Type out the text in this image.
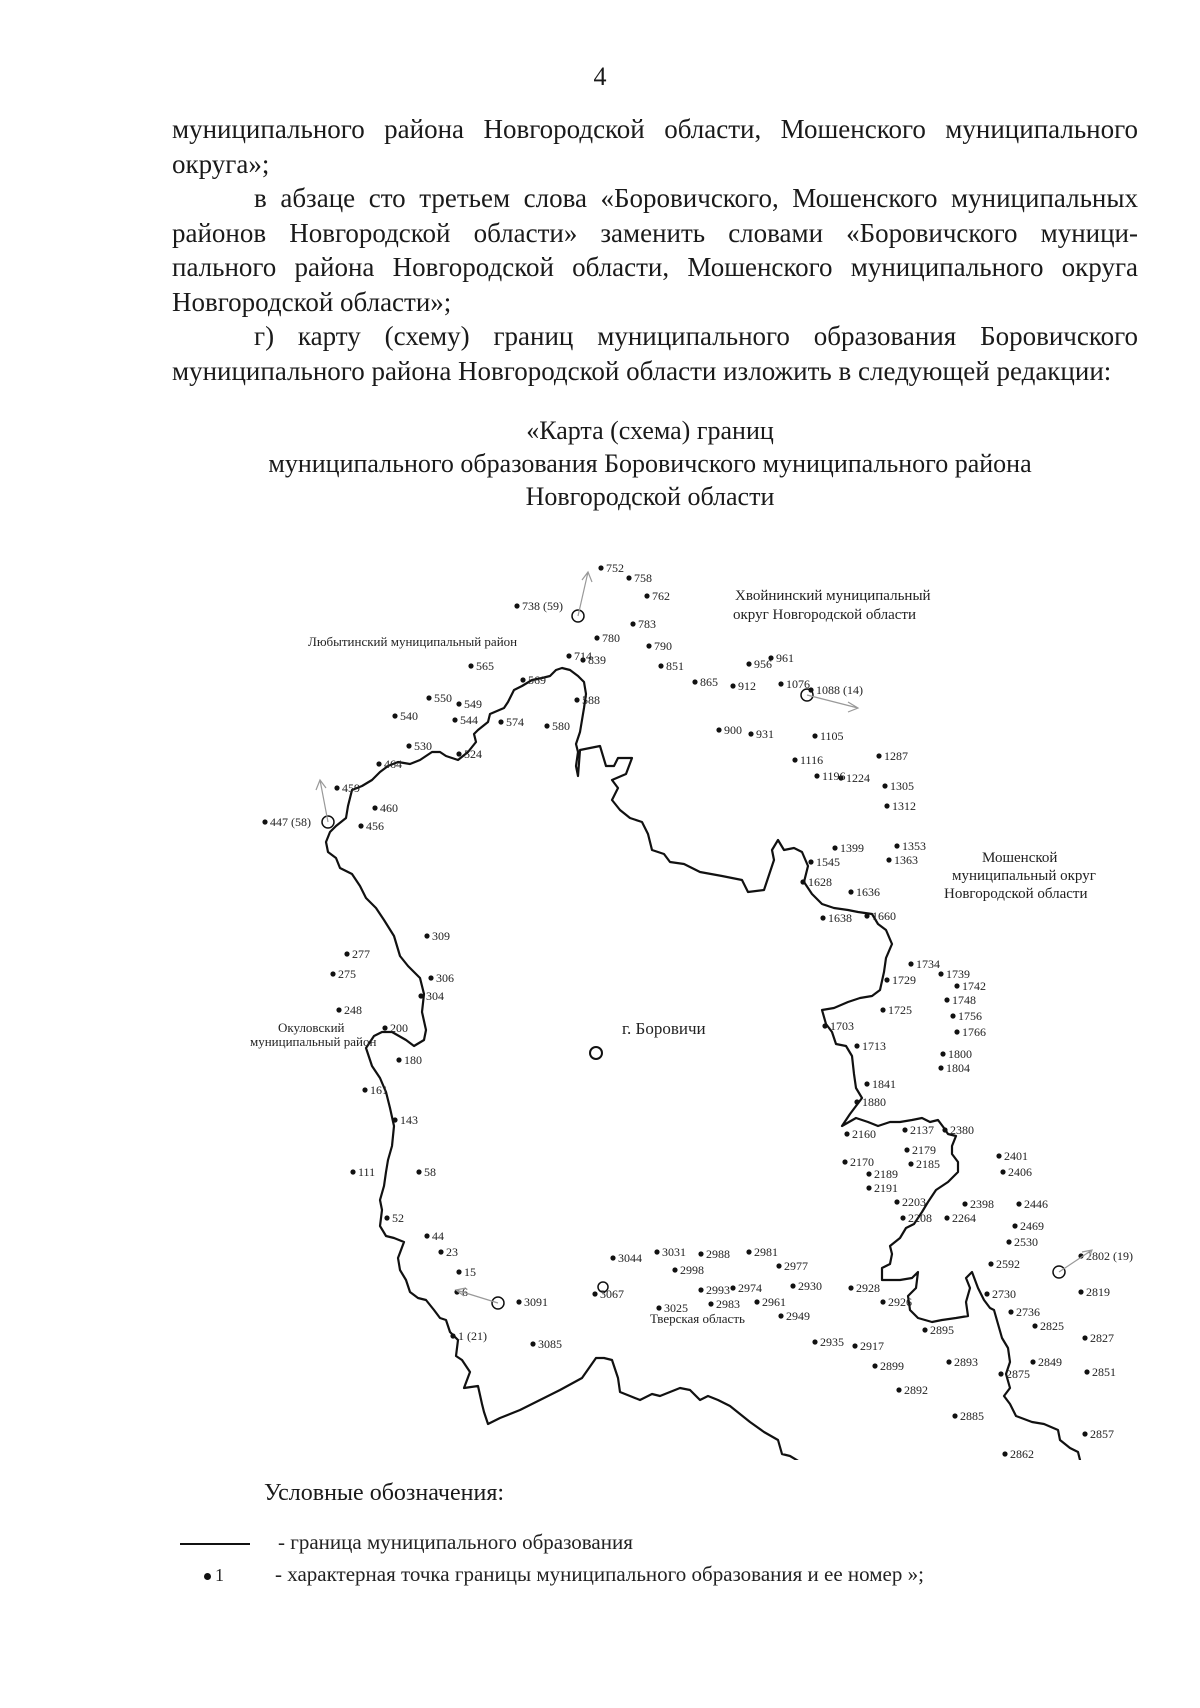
4

муниципального района Новгородской области, Мошенского муниципального округа»;

в абзаце сто третьем слова «Боровичского, Мошенского муниципальных районов Новгородской области» заменить словами «Боровичского муници-пального района Новгородской области, Мошенского муниципального округа Новгородской области»;

г) карту (схему) границ муниципального образования Боровичского муниципального района Новгородской области изложить в следующей редакции:

«Карта (схема) границ
муниципального образования Боровичского муниципального района
Новгородской области
г. Боровичи
Хвойнинский муниципальный
округ Новгородской области
Любытинский муниципальный район
Мошенской
муниципальный округ
Новгородской области
Окуловский
муниципальный район
Тверская область
738 (59)
752
758
762
783
780
790
839	851
865
900
912
956 961
931
1076 1088 (14)
1105
1116
1196 1224
1287
1305
1312
1353
1363
1399
1545
1628
1636
1638 1660
1734
1729	1739
1742
1748
1756
1766
1725
1713
1703
1800
1804
1841
1880
2137
2160
2179
2185
2170
2189
2191
2203
2208 2264
2380
2398
2401
2406
2446
2469
2530
2592
2730
2736
2802 (19)
2819
2825
2827
2849
2851
2857
2862
2885
2875
2892
2893
2895
2899
2926
2917
2928
2935
2949
2961
2977
2981
2930
2974
2983
2993
2988
2998
3031
3044
3025
3067
3091
3085
1 (21)
6
15
23
44
52
58
111
143
161
180
200
248
275
277
304
306
309
456
460
447 (58)
459
464
530
524
540	544
549
550
565
569
574 580
588
714
Условные обозначения:
- граница муниципального образования
1 - характерная точка границы муниципального образования и ее номер »;
